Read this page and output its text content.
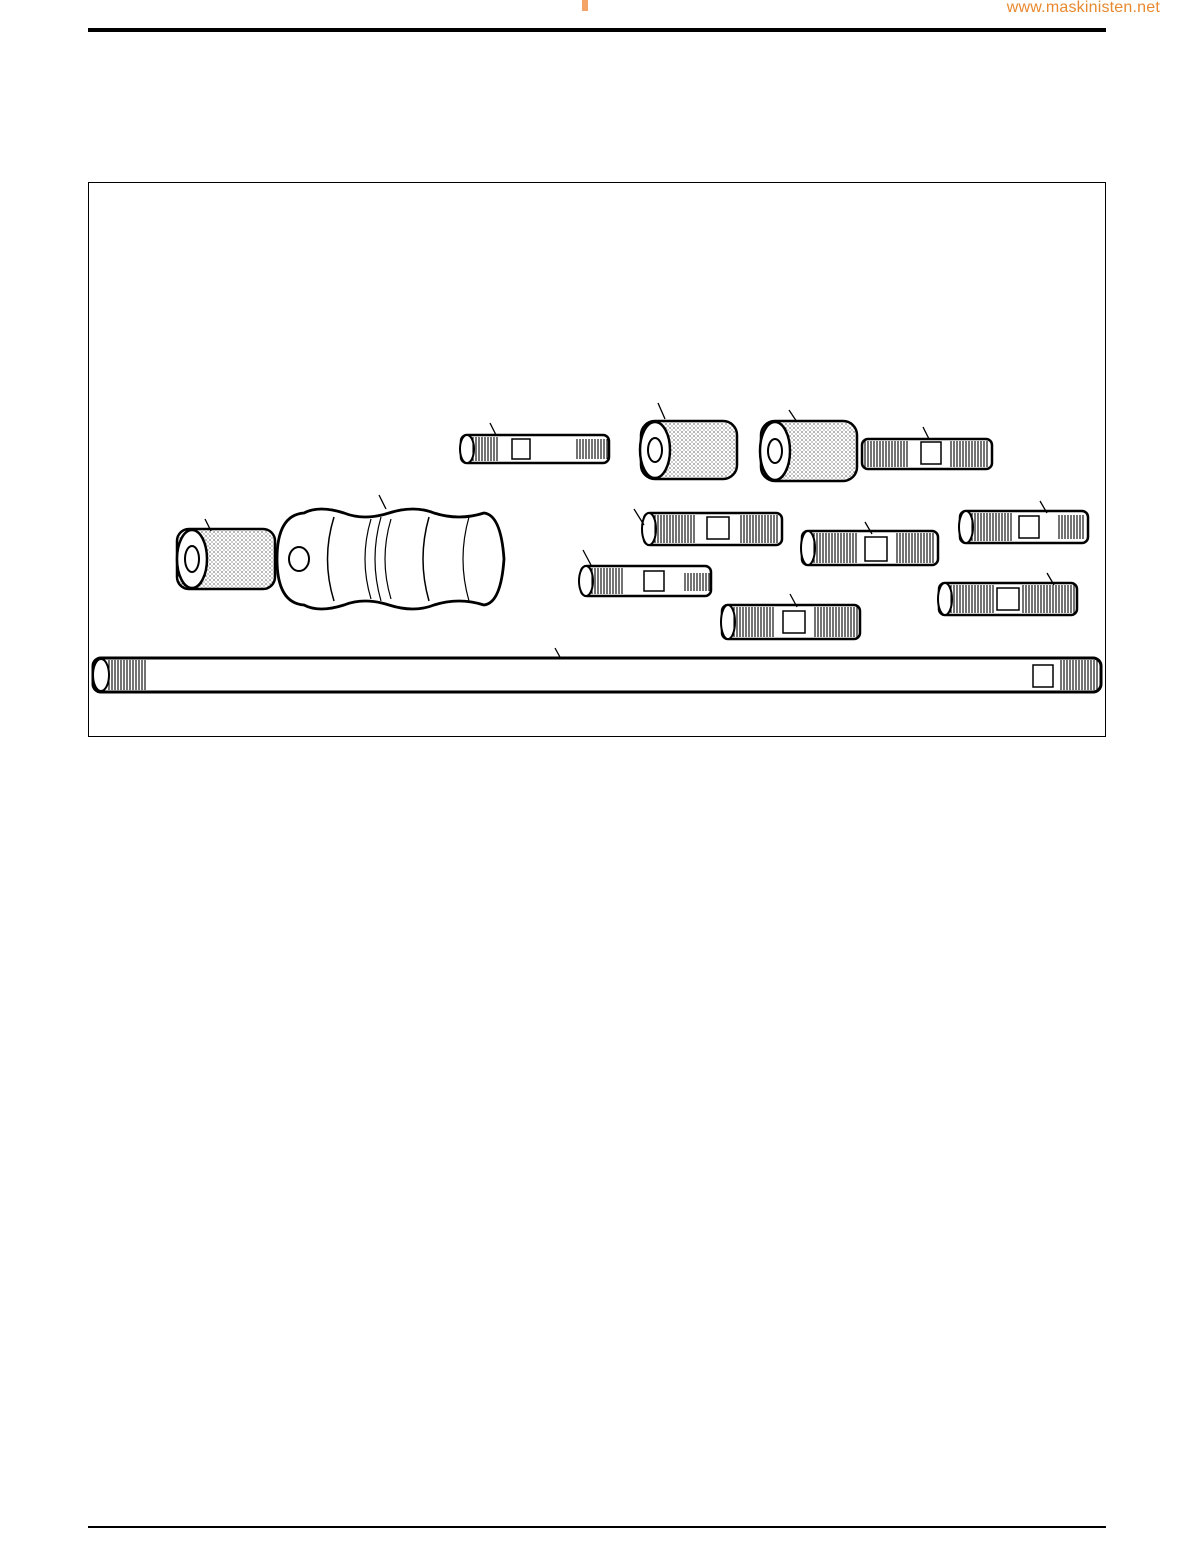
www.maskinisten.net
